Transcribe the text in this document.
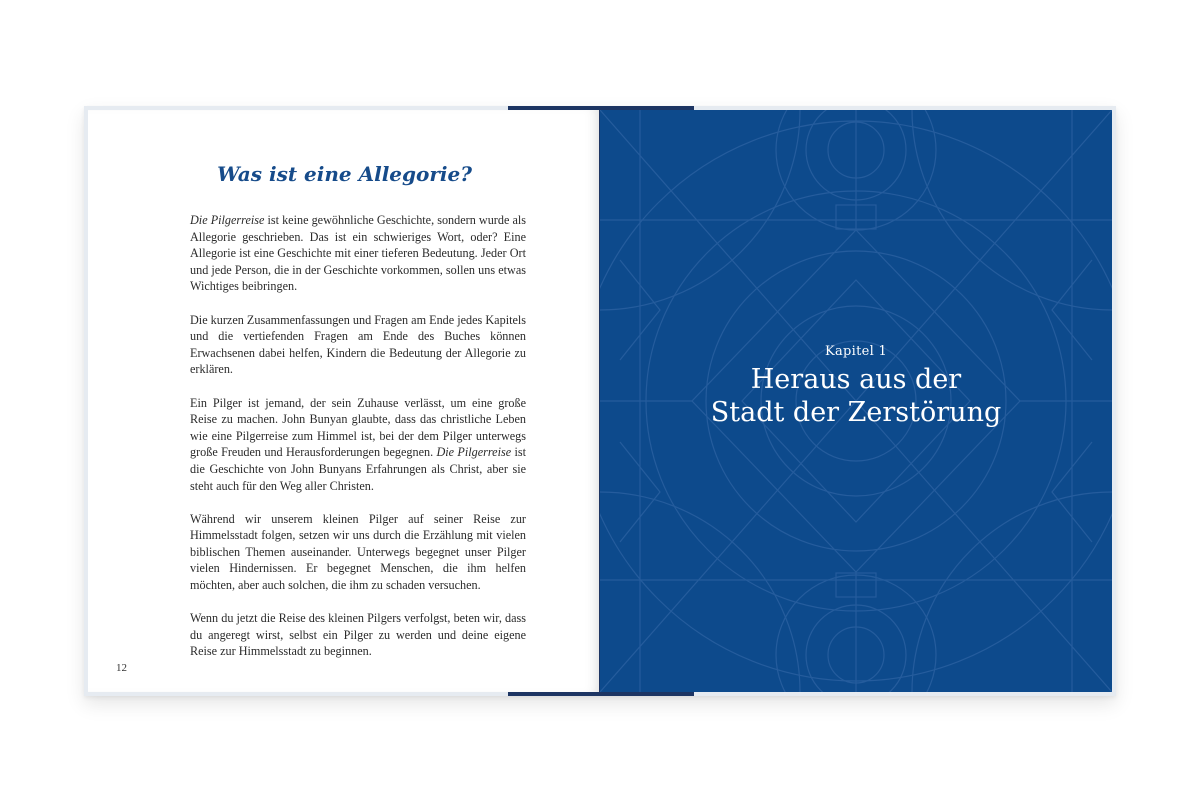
Was ist eine Allegorie?

Die Pilgerreise ist keine gewöhnliche Geschichte, sondern wurde als Allegorie geschrieben. Das ist ein schwieriges Wort, oder? Eine Allegorie ist eine Geschichte mit einer tieferen Bedeutung. Jeder Ort und jede Person, die in der Geschichte vorkommen, sollen uns etwas Wichtiges beibringen.

Die kurzen Zusammenfassungen und Fragen am Ende jedes Kapitels und die vertiefenden Fragen am Ende des Buches können Erwachsenen dabei helfen, Kindern die Bedeutung der Allegorie zu erklären.

Ein Pilger ist jemand, der sein Zuhause verlässt, um eine große Reise zu machen. John Bunyan glaubte, dass das christliche Leben wie eine Pilgerreise zum Himmel ist, bei der dem Pilger unterwegs große Freuden und Herausforderungen begegnen. Die Pilgerreise ist die Geschichte von John Bunyans Erfahrungen als Christ, aber sie steht auch für den Weg aller Christen.

Während wir unserem kleinen Pilger auf seiner Reise zur Himmelsstadt folgen, setzen wir uns durch die Erzählung mit vielen biblischen Themen auseinander. Unterwegs begegnet unser Pilger vielen Hindernissen. Er begegnet Menschen, die ihm helfen möchten, aber auch solchen, die ihm zu schaden versuchen.

Wenn du jetzt die Reise des kleinen Pilgers verfolgst, beten wir, dass du angeregt wirst, selbst ein Pilger zu werden und deine eigene Reise zur Himmelsstadt zu beginnen.

12
Kapitel 1
Heraus aus der
Stadt der Zerstörung
